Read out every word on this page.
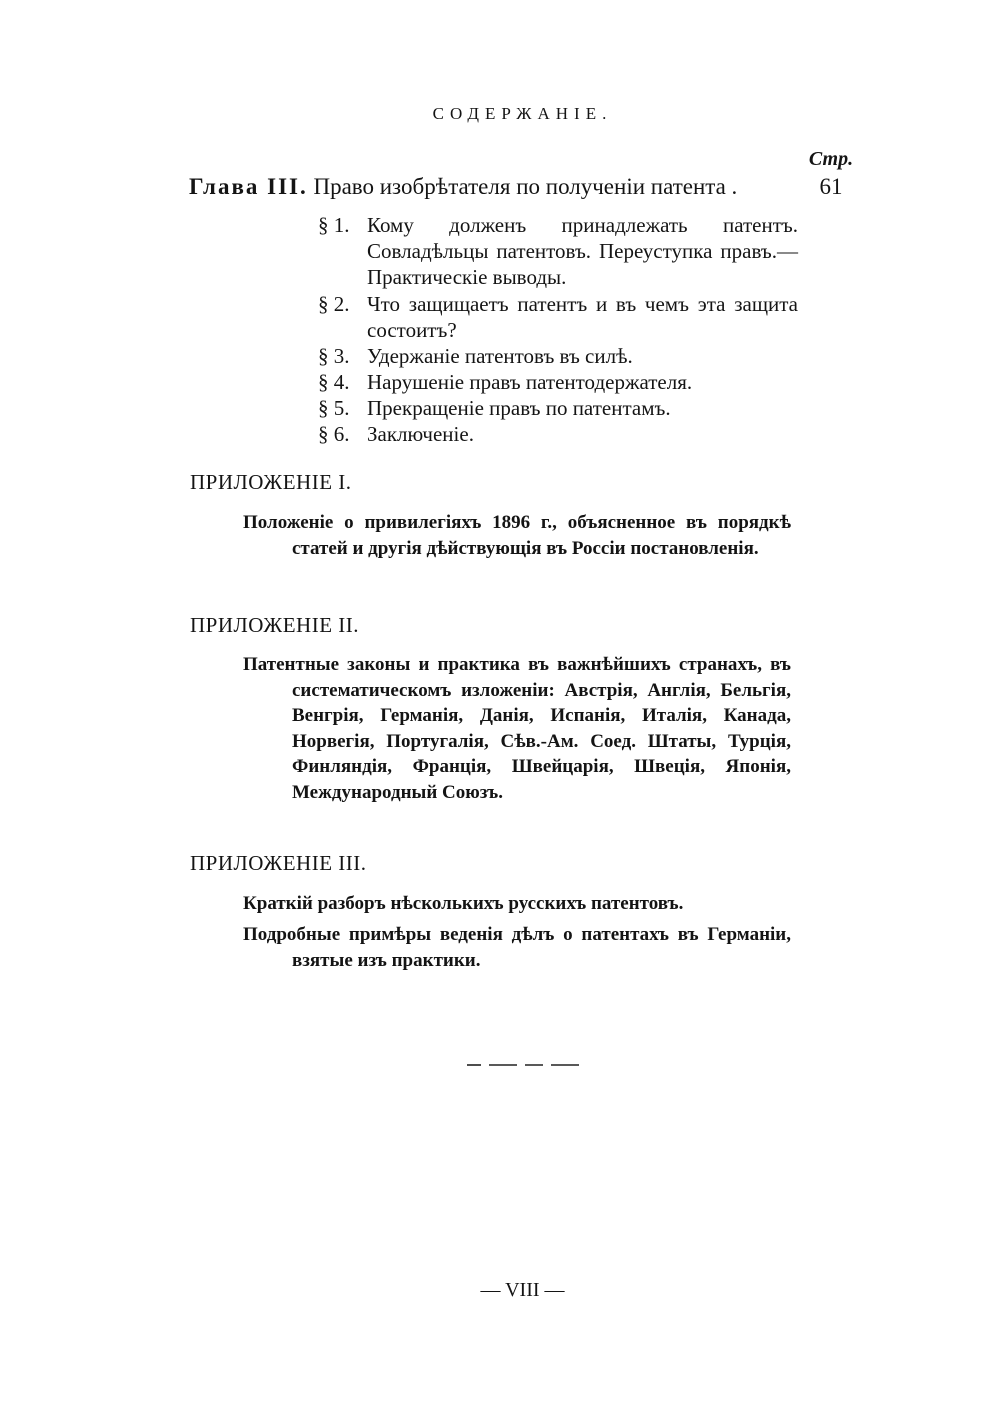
СОДЕРЖАНIЕ.
Стр.
Глава III. Право изобрѣтателя по полученiи патента .	61
§ 1. Кому долженъ принадлежать патентъ. Совладѣльцы патентовъ. Переуступка правъ.— Практическiе выводы.
§ 2. Что защищаетъ патентъ и въ чемъ эта защита состоитъ?
§ 3. Удержанiе патентовъ въ силѣ.
§ 4. Нарушенiе правъ патентодержателя.
§ 5. Прекращенiе правъ по патентамъ.
§ 6. Заключенiе.
ПРИЛОЖЕНIЕ I.
Положенiе о привилегiяхъ 1896 г., объясненное въ порядкѣ статей и другiя дѣйствующiя въ Россiи постановленiя.
ПРИЛОЖЕНIЕ II.
Патентные законы и практика въ важнѣйшихъ странахъ, въ систематическомъ изложенiи: Австрiя, Англiя, Бельгiя, Венгрiя, Германiя, Данiя, Испанiя, Италiя, Канада, Норвегiя, Португалiя, Сѣв.-Ам. Соед. Штаты, Турцiя, Финляндiя, Францiя, Швейцарiя, Швецiя, Японiя, Международный Союзъ.
ПРИЛОЖЕНIЕ III.
Краткiй разборъ нѣсколькихъ русскихъ патентовъ.
Подробные примѣры веденiя дѣлъ о патентахъ въ Германiи, взятые изъ практики.
— VIII —
